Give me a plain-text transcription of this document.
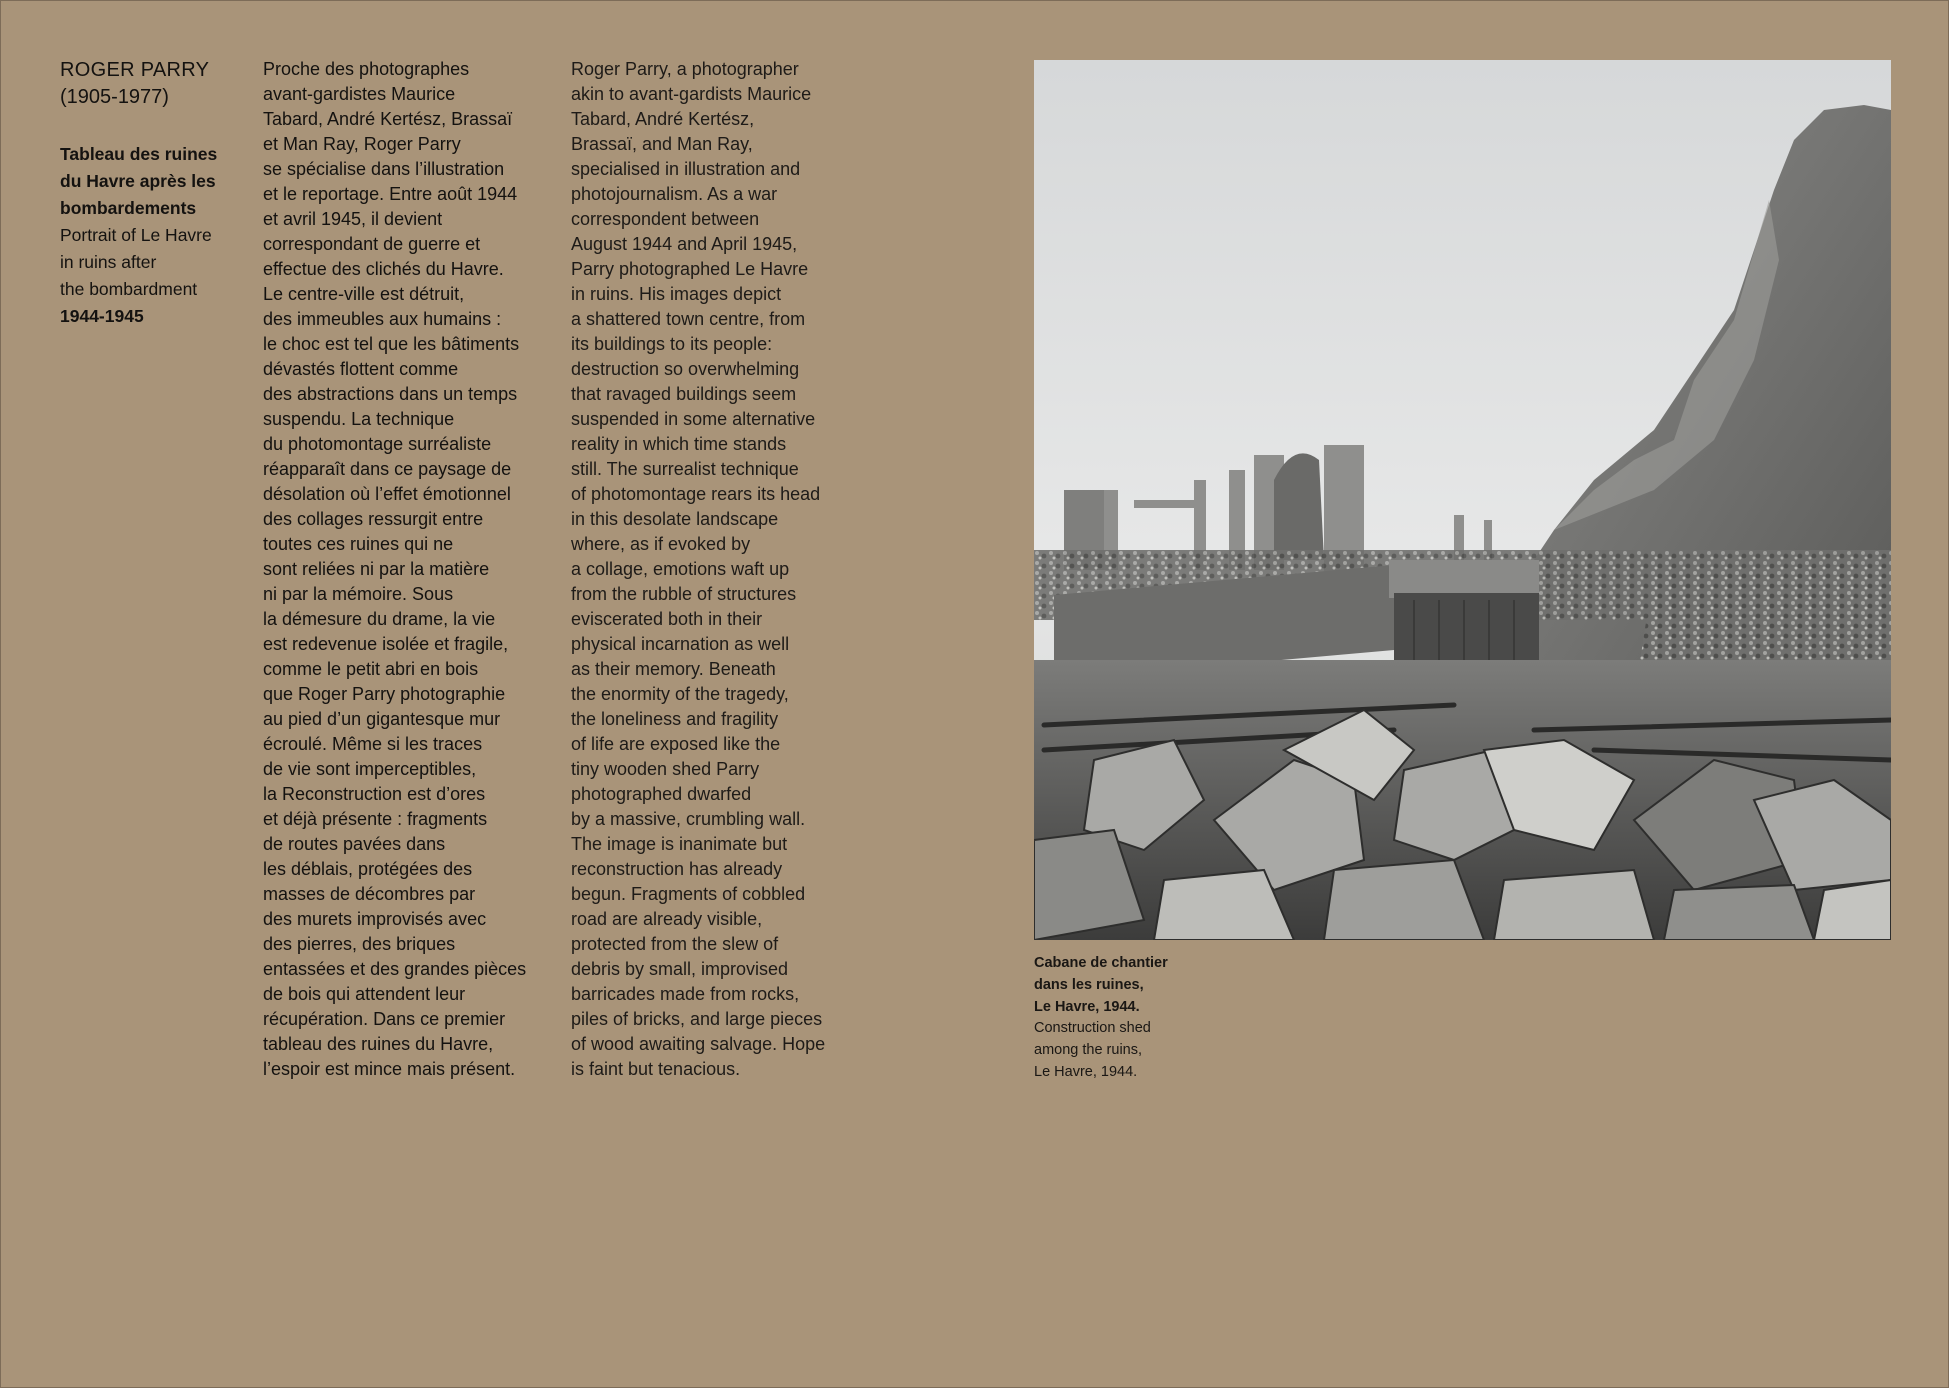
ROGER PARRY
(1905-1977)
Tableau des ruines
du Havre après les
bombardements
Portrait of Le Havre
in ruins after
the bombardment
1944-1945
Proche des photographes
avant-gardistes Maurice
Tabard, André Kertész, Brassaï
et Man Ray, Roger Parry
se spécialise dans l’illustration
et le reportage. Entre août 1944
et avril 1945, il devient
correspondant de guerre et
effectue des clichés du Havre.
Le centre-ville est détruit,
des immeubles aux humains :
le choc est tel que les bâtiments
dévastés flottent comme
des abstractions dans un temps
suspendu. La technique
du photomontage surréaliste
réapparaît dans ce paysage de
désolation où l’effet émotionnel
des collages ressurgit entre
toutes ces ruines qui ne
sont reliées ni par la matière
ni par la mémoire. Sous
la démesure du drame, la vie
est redevenue isolée et fragile,
comme le petit abri en bois
que Roger Parry photographie
au pied d’un gigantesque mur
écroulé. Même si les traces
de vie sont imperceptibles,
la Reconstruction est d’ores
et déjà présente : fragments
de routes pavées dans
les déblais, protégées des
masses de décombres par
des murets improvisés avec
des pierres, des briques
entassées et des grandes pièces
de bois qui attendent leur
récupération. Dans ce premier
tableau des ruines du Havre,
l’espoir est mince mais présent.
Roger Parry, a photographer
akin to avant-gardists Maurice
Tabard, André Kertész,
Brassaï, and Man Ray,
specialised in illustration and
photojournalism. As a war
correspondent between
August 1944 and April 1945,
Parry photographed Le Havre
in ruins. His images depict
a shattered town centre, from
its buildings to its people:
destruction so overwhelming
that ravaged buildings seem
suspended in some alternative
reality in which time stands
still. The surrealist technique
of photomontage rears its head
in this desolate landscape
where, as if evoked by
a collage, emotions waft up
from the rubble of structures
eviscerated both in their
physical incarnation as well
as their memory. Beneath
the enormity of the tragedy,
the loneliness and fragility
of life are exposed like the
tiny wooden shed Parry
photographed dwarfed
by a massive, crumbling wall.
The image is inanimate but
reconstruction has already
begun. Fragments of cobbled
road are already visible,
protected from the slew of
debris by small, improvised
barricades made from rocks,
piles of bricks, and large pieces
of wood awaiting salvage. Hope
is faint but tenacious.
Cabane de chantier
dans les ruines,
Le Havre, 1944.
Construction shed
among the ruins,
Le Havre, 1944.
